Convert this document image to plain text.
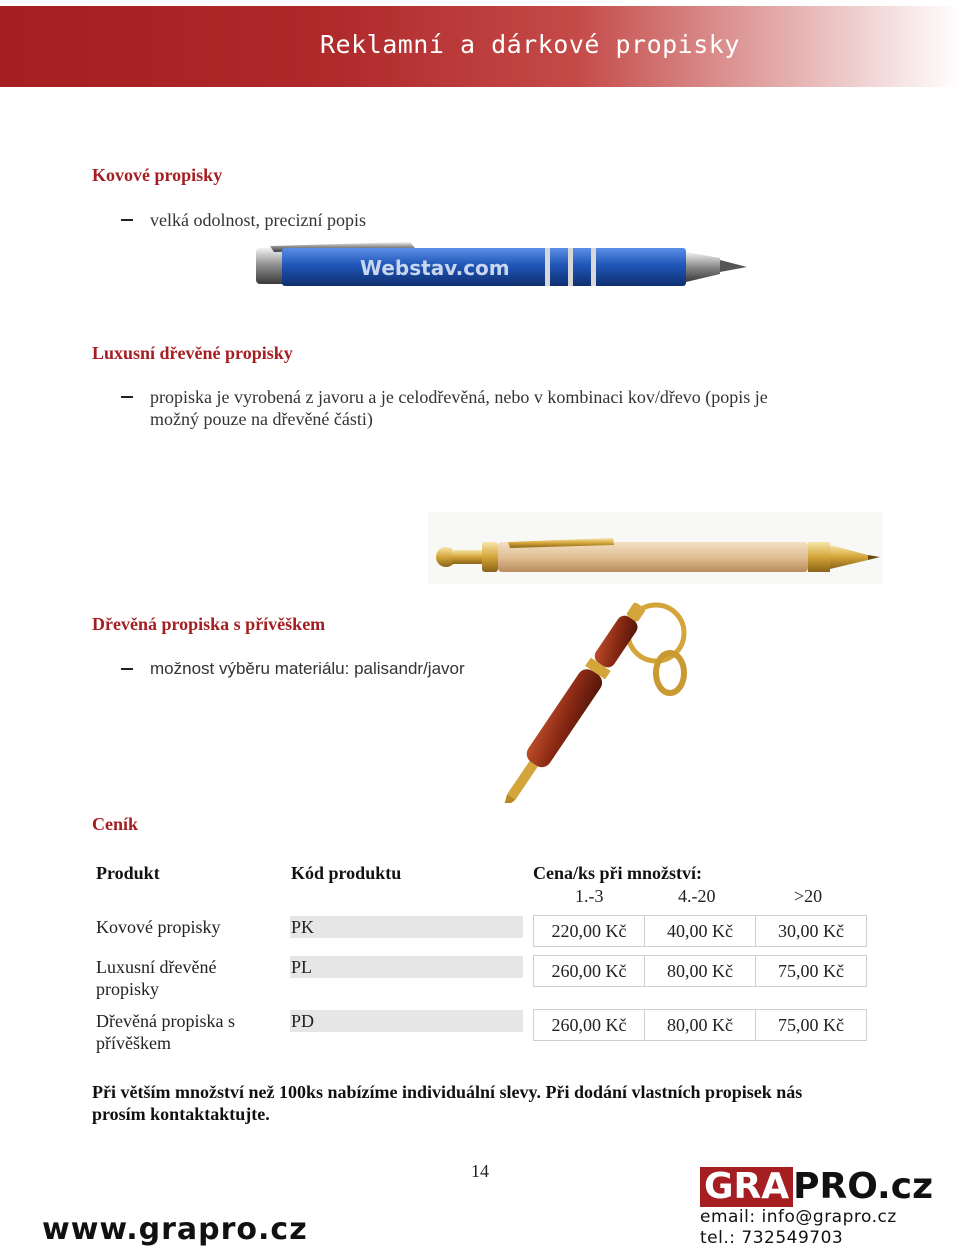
Reklamní a dárkové propisky
Kovové propisky
velká odolnost, precizní popis
Webstav.com
Luxusní dřevěné propisky
propiska je vyrobená z javoru a je celodřevěná, nebo v kombinaci kov/dřevo (popis je
možný pouze na dřevěné části)
Dřevěná propiska s přívěškem
možnost výběru materiálu: palisandr/javor
Ceník
Produkt	Kód produktu	Cena/ks při množství:
1.-3	4.-20	>20
Kovové propisky	PK	220,00 Kč	40,00 Kč	30,00 Kč
Luxusní dřevěné
propisky
PL	260,00 Kč	80,00 Kč	75,00 Kč
Dřevěná propiska s
přívěškem
PD	260,00 Kč	80,00 Kč	75,00 Kč
Při větším množství než 100ks nabízíme individuální slevy. Při dodání vlastních propisek nás
prosím kontaktaktujte.
14
www.grapro.cz
GRA PRO.cz
email: info@grapro.cz
tel.: 732549703
